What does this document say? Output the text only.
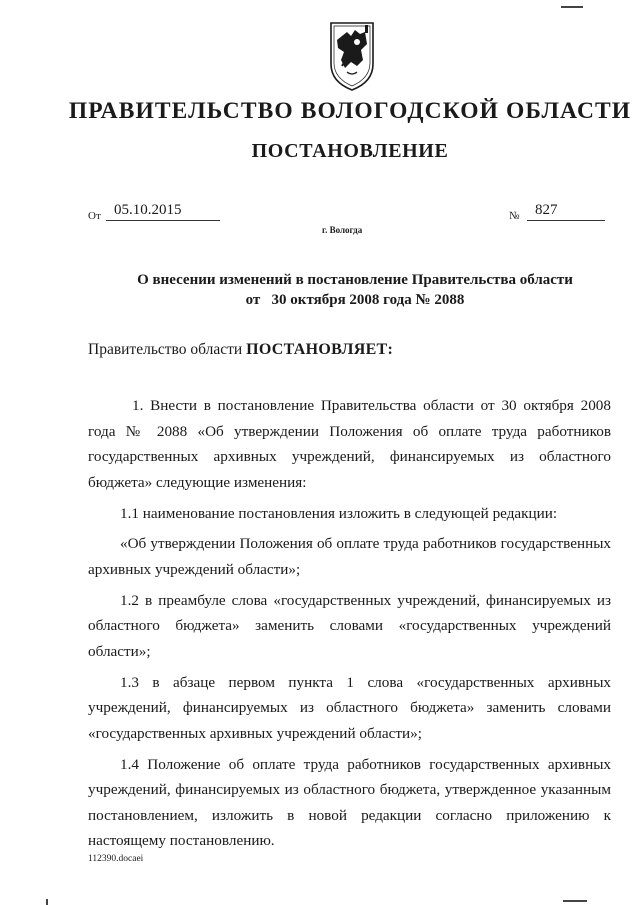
ПРАВИТЕЛЬСТВО ВОЛОГОДСКОЙ ОБЛАСТИ
ПОСТАНОВЛЕНИЕ
От 05.10.2015	№	827
г. Вологда
О внесении изменений в постановление Правительства области
от   30 октября 2008 года № 2088
Правительство области ПОСТАНОВЛЯЕТ:

1. Внести в постановление Правительства области от 30 октября 2008 года № 2088 «Об утверждении Положения об оплате труда работников государственных архивных учреждений, финансируемых из областного бюджета» следующие изменения:

1.1 наименование постановления изложить в следующей редакции:

«Об утверждении Положения об оплате труда работников государственных архивных учреждений области»;

1.2 в преамбуле слова «государственных учреждений, финансируемых из областного бюджета» заменить словами «государственных учреждений области»;

1.3 в абзаце первом пункта 1 слова «государственных архивных учреждений, финансируемых из областного бюджета» заменить словами «государственных архивных учреждений области»;

1.4 Положение об оплате труда работников государственных архивных учреждений, финансируемых из областного бюджета, утвержденное указанным постановлением, изложить в новой редакции согласно приложению к настоящему постановлению.

112390.docaei
